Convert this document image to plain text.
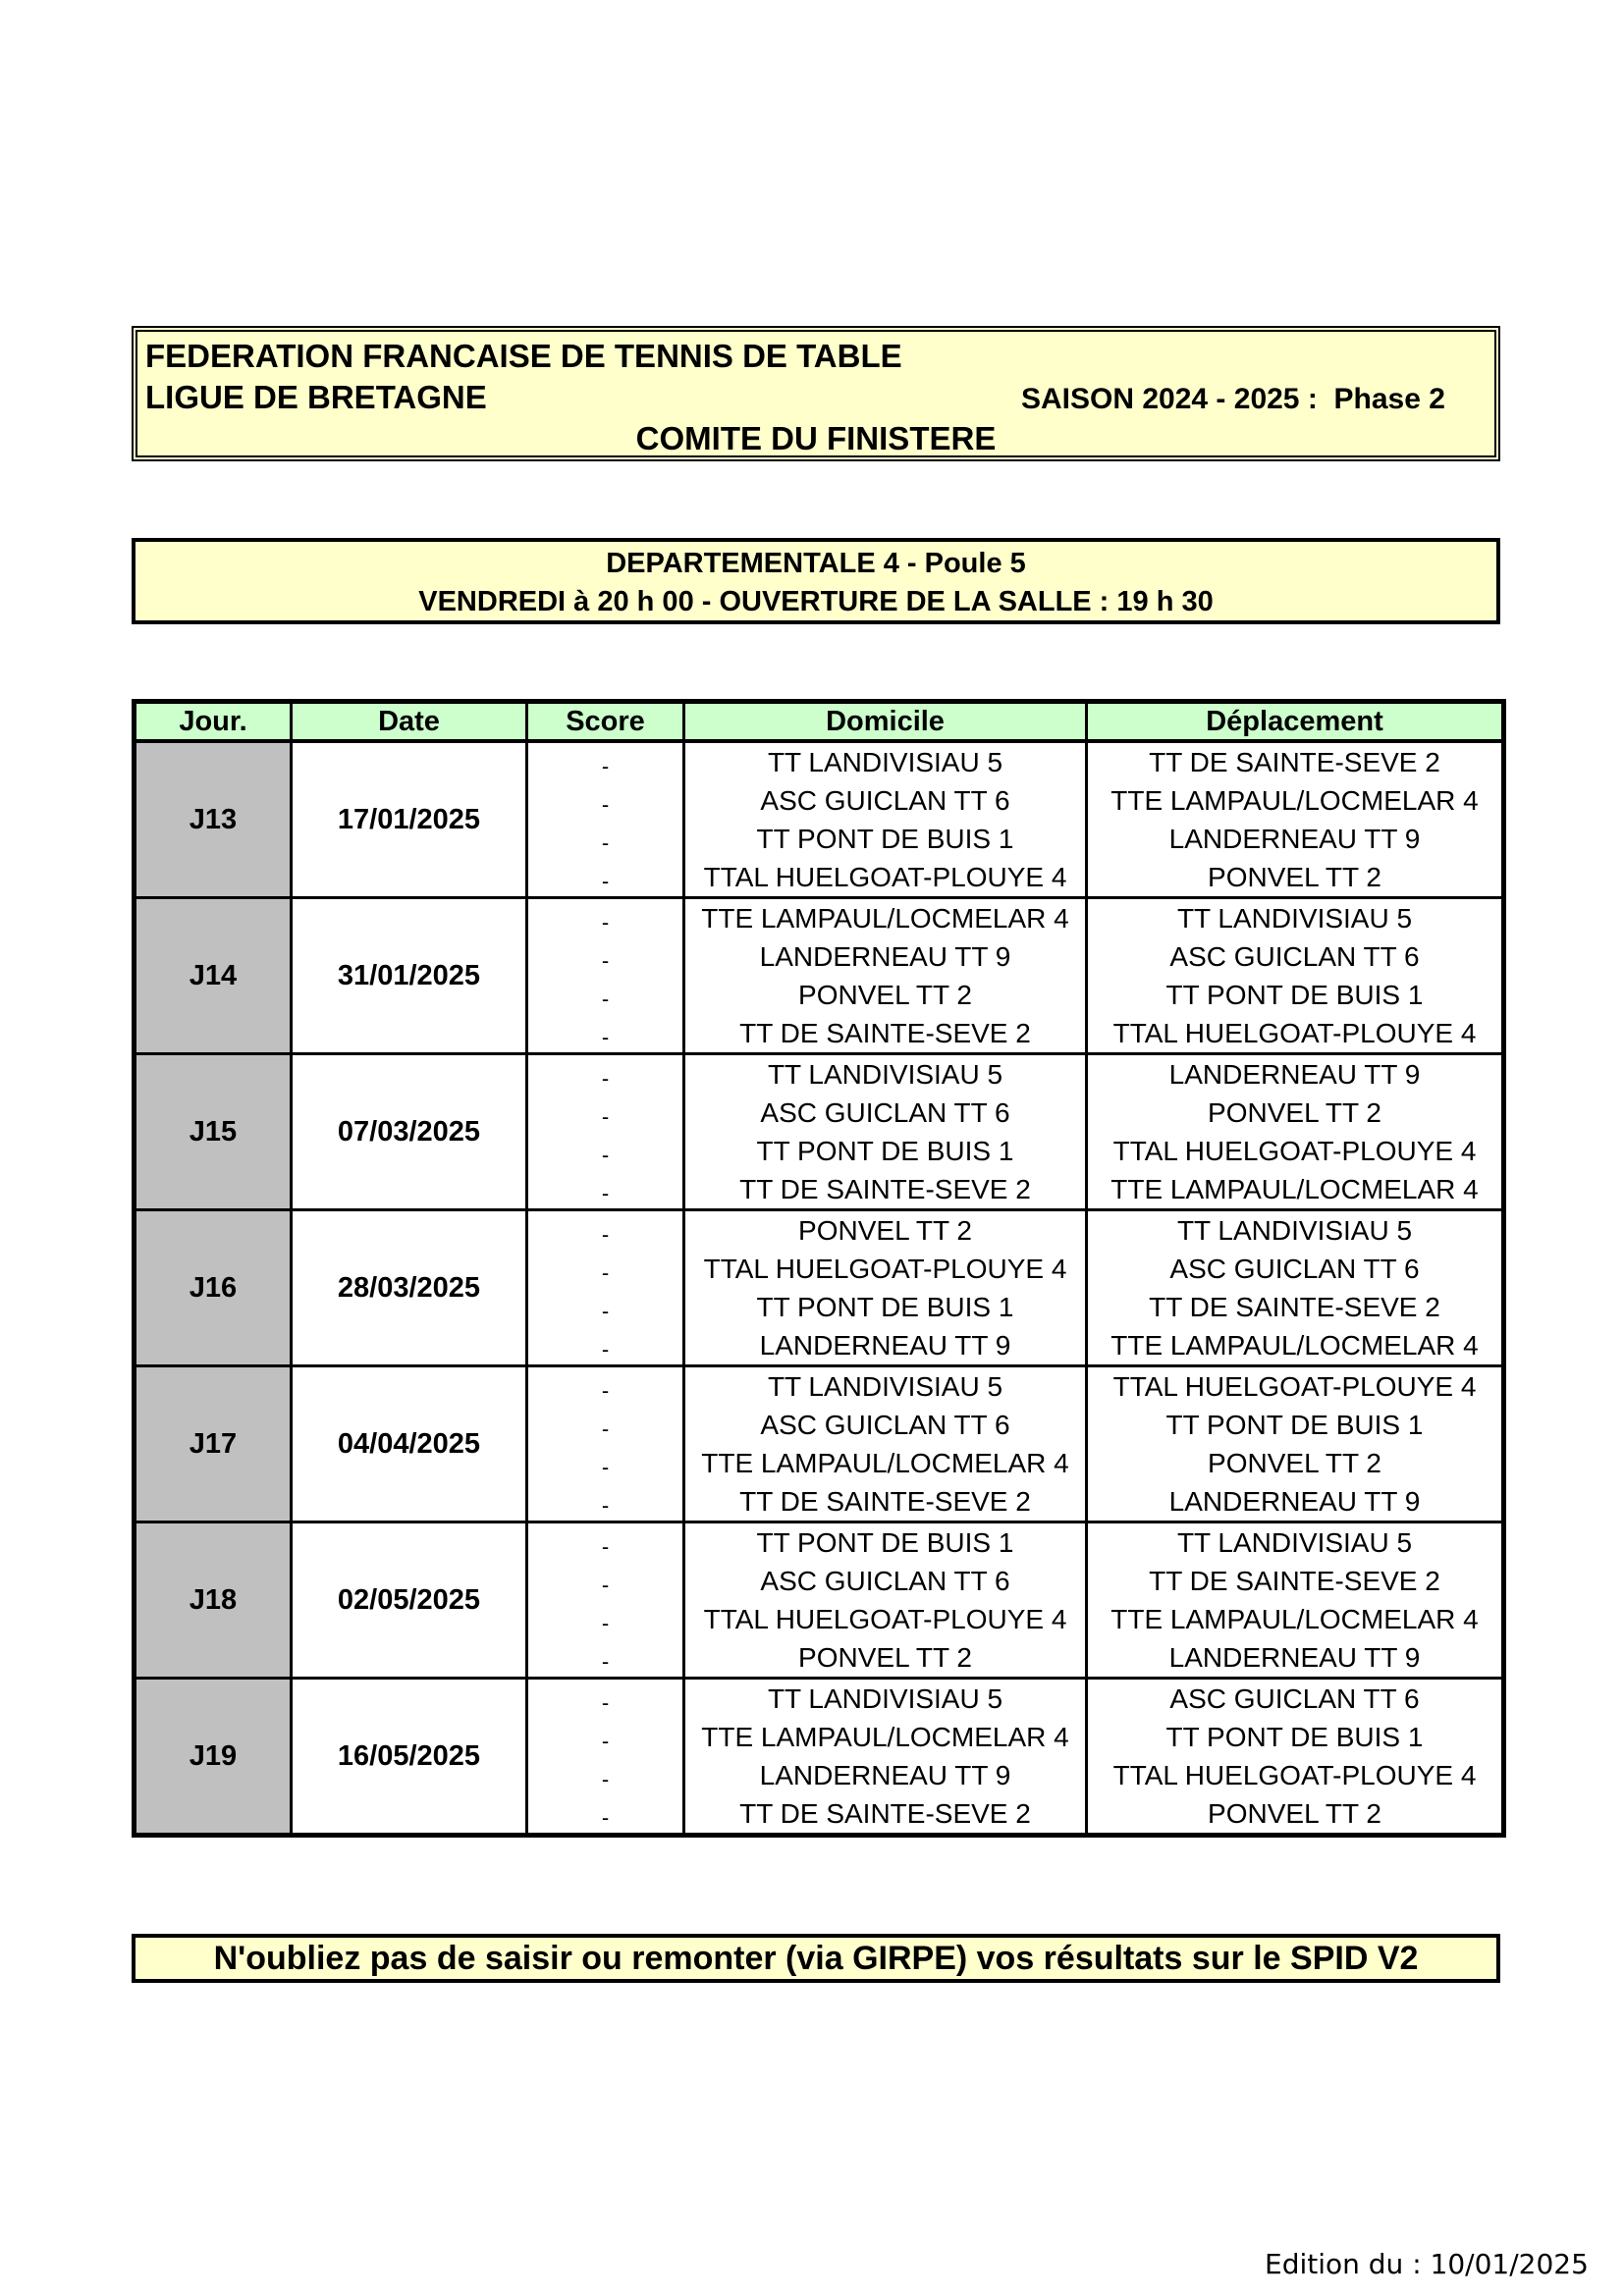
FEDERATION FRANCAISE DE TENNIS DE TABLE
LIGUE DE BRETAGNE	SAISON 2024 - 2025 :  Phase 2
COMITE DU FINISTERE
DEPARTEMENTALE 4 - Poule 5
VENDREDI à 20 h 00 - OUVERTURE DE LA SALLE : 19 h 30
Jour.	Date	Score	Domicile	Déplacement
J13	17/01/2025	-	TT LANDIVISIAU 5	TT DE SAINTE-SEVE 2
		-	ASC GUICLAN TT 6	TTE LAMPAUL/LOCMELAR 4
		-	TT PONT DE BUIS 1	LANDERNEAU TT 9
		-	TTAL HUELGOAT-PLOUYE 4	PONVEL TT 2
J14	31/01/2025	-	TTE LAMPAUL/LOCMELAR 4	TT LANDIVISIAU 5
		-	LANDERNEAU TT 9	ASC GUICLAN TT 6
		-	PONVEL TT 2	TT PONT DE BUIS 1
		-	TT DE SAINTE-SEVE 2	TTAL HUELGOAT-PLOUYE 4
J15	07/03/2025	-	TT LANDIVISIAU 5	LANDERNEAU TT 9
		-	ASC GUICLAN TT 6	PONVEL TT 2
		-	TT PONT DE BUIS 1	TTAL HUELGOAT-PLOUYE 4
		-	TT DE SAINTE-SEVE 2	TTE LAMPAUL/LOCMELAR 4
J16	28/03/2025	-	PONVEL TT 2	TT LANDIVISIAU 5
		-	TTAL HUELGOAT-PLOUYE 4	ASC GUICLAN TT 6
		-	TT PONT DE BUIS 1	TT DE SAINTE-SEVE 2
		-	LANDERNEAU TT 9	TTE LAMPAUL/LOCMELAR 4
J17	04/04/2025	-	TT LANDIVISIAU 5	TTAL HUELGOAT-PLOUYE 4
		-	ASC GUICLAN TT 6	TT PONT DE BUIS 1
		-	TTE LAMPAUL/LOCMELAR 4	PONVEL TT 2
		-	TT DE SAINTE-SEVE 2	LANDERNEAU TT 9
J18	02/05/2025	-	TT PONT DE BUIS 1	TT LANDIVISIAU 5
		-	ASC GUICLAN TT 6	TT DE SAINTE-SEVE 2
		-	TTAL HUELGOAT-PLOUYE 4	TTE LAMPAUL/LOCMELAR 4
		-	PONVEL TT 2	LANDERNEAU TT 9
J19	16/05/2025	-	TT LANDIVISIAU 5	ASC GUICLAN TT 6
		-	TTE LAMPAUL/LOCMELAR 4	TT PONT DE BUIS 1
		-	LANDERNEAU TT 9	TTAL HUELGOAT-PLOUYE 4
		-	TT DE SAINTE-SEVE 2	PONVEL TT 2
N'oubliez pas de saisir ou remonter (via GIRPE) vos résultats sur le SPID V2
Edition du : 10/01/2025
